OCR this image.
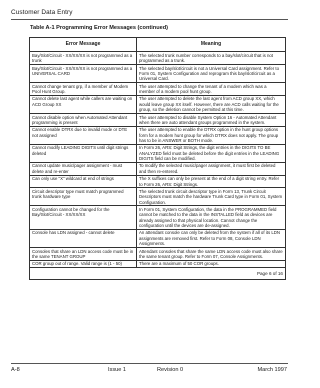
Customer Data Entry
Table A-1 Programming Error Messages (continued)
Error Message	Meaning
Bay/Slot/Circuit - XX/XX/XX is not programmed as a trunk	The selected trunk number corresponds to a bay/slot/circuit that is not programmed as a trunk.
Bay/Slot/Circuit - XX/XX/XX is not programmed as a UNIVERSAL CARD	The selected bay/slot/circuit is not a Universal Card assignment. Refer to Form 01, System Configuration and reprogram this bay/slot/circuit as a Universal Card.
Cannot change tenant grp, if a member of Modem Pool Hunt Group.	The user attempted to change the tenant of a modem which was a member of a modem pool hunt group.
Cannot delete last agent while callers are waiting on ACD Group XX	The user attempted to delete the last agent from ACD group XX, which would leave group XX itself. However, there are ACD calls waiting for the group, so the deletion cannot be permitted at this time.
Cannot disable option when Automated Attendant programming is present	The user attempted to disable System Option 16 - Automated Attendant when there are auto attendant groups programmed in the system.
Cannot enable DTRX due to invalid mode or DTE not assigned	The user attempted to enable the DTRX option in the hunt group options form for a modem hunt group for which DTRX does not apply. The group has to be in ANSWER or BOTH mode.
Cannot modify LEADING DIGITS until digit strings deleted	In Form 26, ARS: Digit Strings, the digit entries in the DIGITS TO BE ANALYZED field must be deleted before the digit entries in the LEADING DIGITS field can be modified.
Cannot update music/pager assignment - must delete and re-enter	To modify the selected music/pager assignment, it must first be deleted and then re-entered.
Can only use "X" wildcard at end of strings	The X suffixes can only be present at the end of a digit string entry. Refer to Form 26, ARS: Digit Strings.
Circuit descriptor type must match programmed trunk hardware type	The selected trunk circuit descriptor type in Form 13, Trunk Circuit Descriptors must match the hardware Trunk Card type in Form 01, System Configuration.
Configuration cannot be changed for the Bay/Slot/Circuit - XX/XX/XX	In Form 01, System Configuration, the data in the PROGRAMMED field cannot be matched to the data in the INSTALLED field as devices are already assigned to that physical location. Cannot change the configuration until the devices are de-assigned.
Console has LDN assigned - cannot delete	An attendant console can only be deleted from the system if all of its LDN assignments are removed first. Refer to Form 08, Console LDN Assignments.
Consoles that share an LDN access code must be in the same TENANT GROUP	Attendant consoles that share the same LDN access code must also share the same tenant group. Refer to Form 07, Console Assignments.
COR group out of range. Valid range is (1 - 50)	There are a maximum of 50 COR groups.

Page 6 of 16	
A-8	Issue 1	Revision 0	March 1997
